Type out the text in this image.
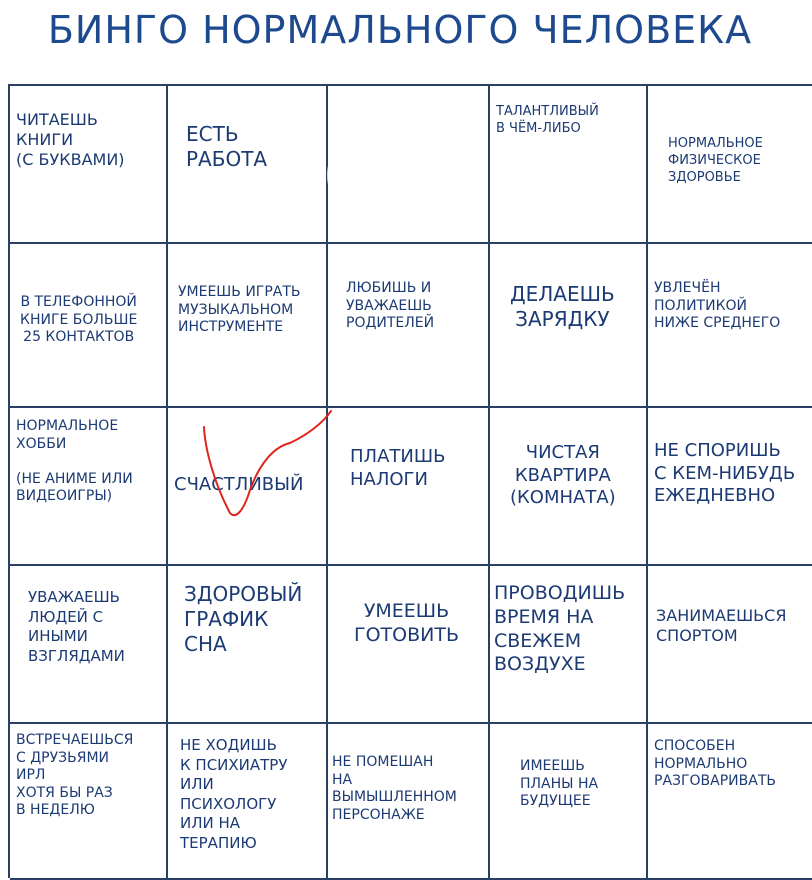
БИНГО НОРМАЛЬНОГО ЧЕЛОВЕКА
ЧИТАЕШЬ
КНИГИ
(С БУКВАМИ)
ЕСТЬ
РАБОТА
ТАЛАНТЛИВЫЙ
В ЧЁМ-ЛИБО
НОРМАЛЬНОЕ
ФИЗИЧЕСКОЕ
ЗДОРОВЬЕ
В ТЕЛЕФОННОЙ
КНИГЕ БОЛЬШЕ
25 КОНТАКТОВ
УМЕЕШЬ ИГРАТЬ
МУЗЫКАЛЬНОМ
ИНСТРУМЕНТЕ
ЛЮБИШЬ И
УВАЖАЕШЬ
РОДИТЕЛЕЙ
ДЕЛАЕШЬ
ЗАРЯДКУ
УВЛЕЧЁН
ПОЛИТИКОЙ
НИЖЕ СРЕДНЕГО
НОРМАЛЬНОЕ
ХОББИ

(НЕ АНИМЕ ИЛИ
ВИДЕОИГРЫ)
СЧАСТЛИВЫЙ
ПЛАТИШЬ
НАЛОГИ
ЧИСТАЯ
КВАРТИРА
(КОМНАТА)
НЕ СПОРИШЬ
С КЕМ-НИБУДЬ
ЕЖЕДНЕВНО
УВАЖАЕШЬ
ЛЮДЕЙ С
ИНЫМИ
ВЗГЛЯДАМИ
ЗДОРОВЫЙ
ГРАФИК
СНА
УМЕЕШЬ
ГОТОВИТЬ
ПРОВОДИШЬ
ВРЕМЯ НА
СВЕЖЕМ
ВОЗДУХЕ
ЗАНИМАЕШЬСЯ
СПОРТОМ
ВСТРЕЧАЕШЬСЯ
С ДРУЗЬЯМИ
ИРЛ
ХОТЯ БЫ РАЗ
В НЕДЕЛЮ
НЕ ХОДИШЬ
К ПСИХИАТРУ
ИЛИ
ПСИХОЛОГУ
ИЛИ НА
ТЕРАПИЮ
НЕ ПОМЕШАН
НА
ВЫМЫШЛЕННОМ
ПЕРСОНАЖЕ
ИМЕЕШЬ
ПЛАНЫ НА
БУДУЩЕЕ
СПОСОБЕН
НОРМАЛЬНО
РАЗГОВАРИВАТЬ
